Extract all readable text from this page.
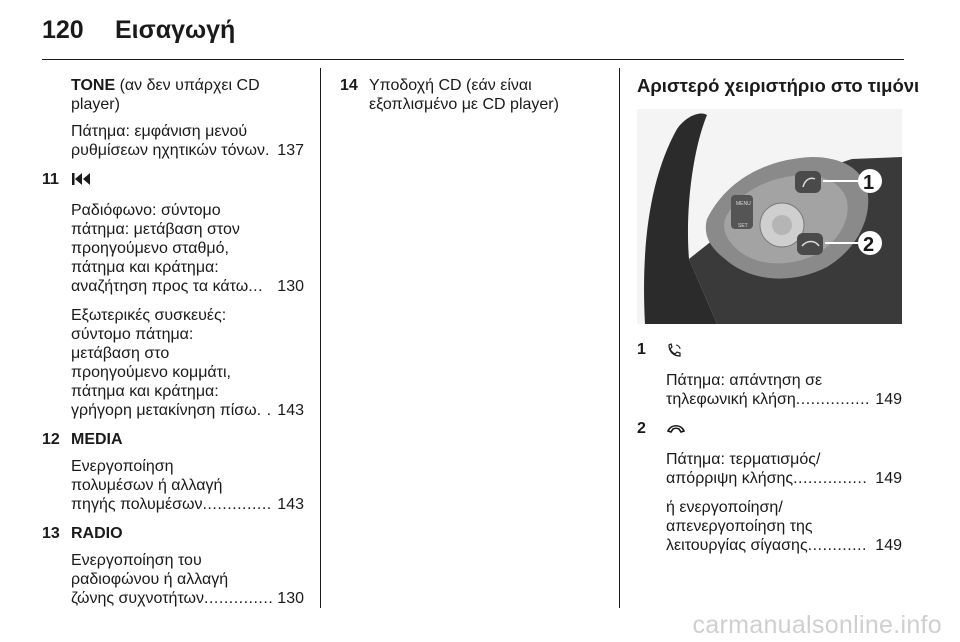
120 Εισαγωγή

TONE (αν δεν υπάρχει CD
player)

Πάτημα: εμφάνιση μενού
ρυθμίσεων ηχητικών τόνων . 137

11

Ραδιόφωνο: σύντομο
πάτημα: μετάβαση στον
προηγούμενο σταθμό,
πάτημα και κράτημα:
αναζήτηση προς τα κάτω ... 130

Εξωτερικές συσκευές:
σύντομο πάτημα:
μετάβαση στο
προηγούμενο κομμάτι,
πάτημα και κράτημα:
γρήγορη μετακίνηση πίσω . . 143

12 MEDIA

Ενεργοποίηση
πολυμέσων ή αλλαγή
πηγής πολυμέσων .............. 143

13 RADIO

Ενεργοποίηση του
ραδιοφώνου ή αλλαγή
ζώνης συχνοτήτων .............. 130

14 Υποδοχή CD (εάν είναι
εξοπλισμένο με CD player)
Αριστερό χειριστήριο στο τιμόνι
MENU
SET
1
2
1

Πάτημα: απάντηση σε
τηλεφωνική κλήση ............... 149

2

Πάτημα: τερματισμός/
απόρριψη κλήσης ............... 149

ή ενεργοποίηση/
απενεργοποίηση της
λειτουργίας σίγασης ............ 149

carmanualsonline.info
